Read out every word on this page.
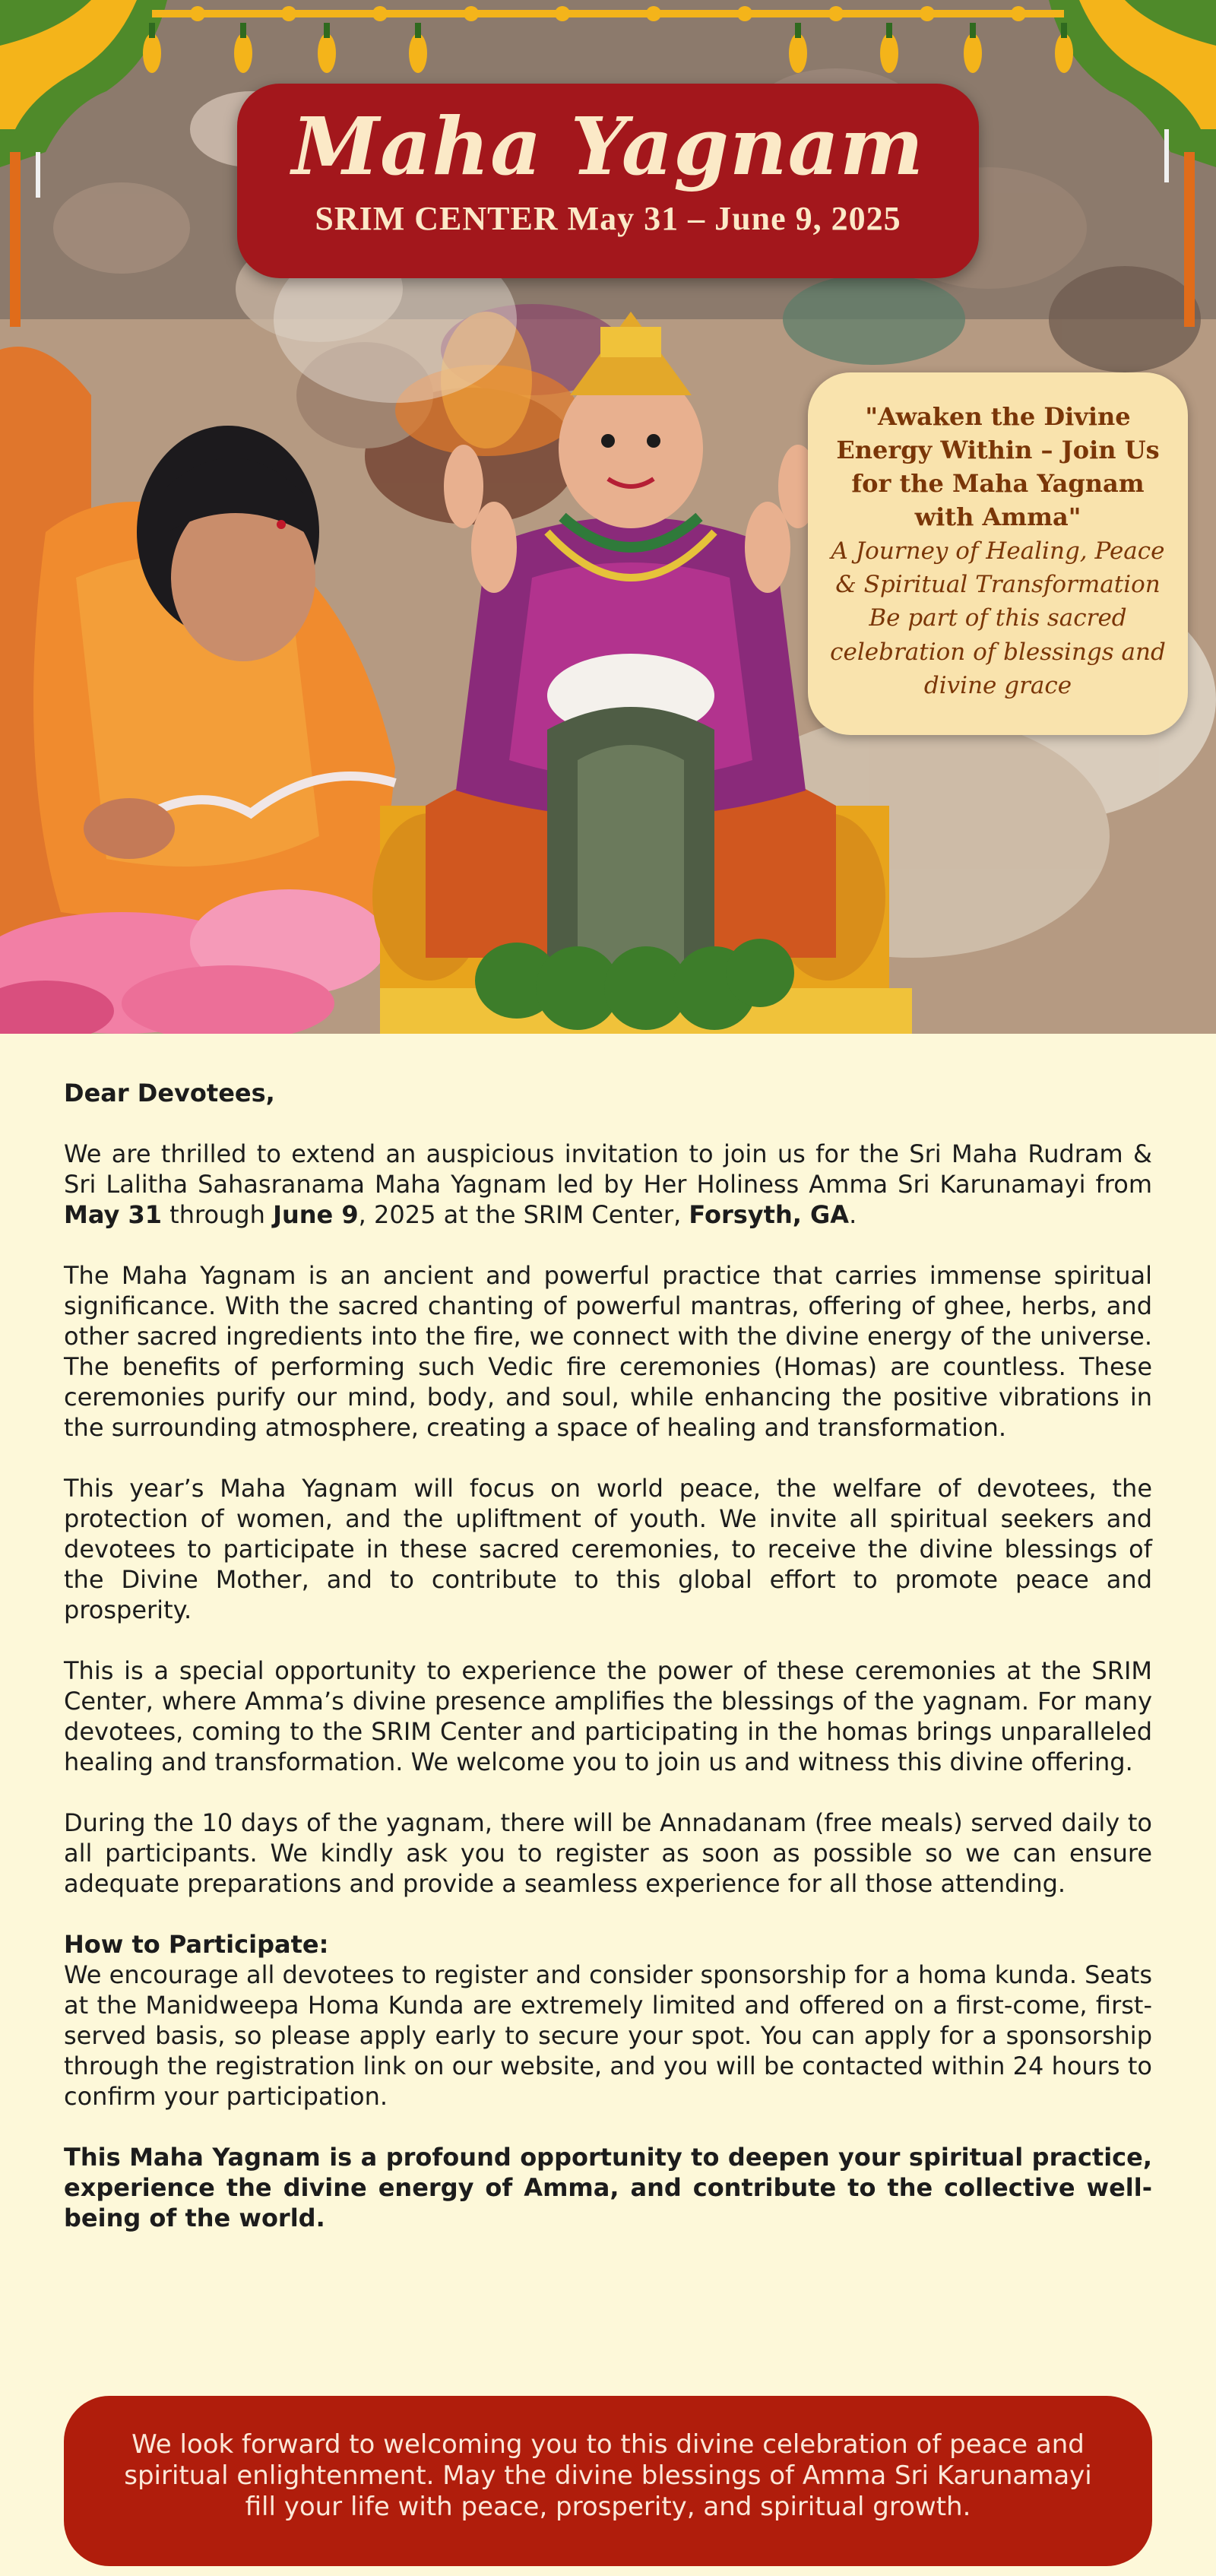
Maha Yagnam
SRIM CENTER May 31 – June 9, 2025
"Awaken the Divine Energy Within – Join Us for the Maha Yagnam with Amma"
A Journey of Healing, Peace & Spiritual Transformation
Be part of this sacred celebration of blessings and divine grace

Dear Devotees,

We are thrilled to extend an auspicious invitation to join us for the Sri Maha Rudram & Sri Lalitha Sahasranama Maha Yagnam led by Her Holiness Amma Sri Karunamayi from May 31 through June 9, 2025 at the SRIM Center, Forsyth, GA.

The Maha Yagnam is an ancient and powerful practice that carries immense spiritual significance. With the sacred chanting of powerful mantras, offering of ghee, herbs, and other sacred ingredients into the fire, we connect with the divine energy of the universe. The benefits of performing such Vedic fire ceremonies (Homas) are countless. These ceremonies purify our mind, body, and soul, while enhancing the positive vibrations in the surrounding atmosphere, creating a space of healing and transformation.

This year’s Maha Yagnam will focus on world peace, the welfare of devotees, the protection of women, and the upliftment of youth. We invite all spiritual seekers and devotees to participate in these sacred ceremonies, to receive the divine blessings of the Divine Mother, and to contribute to this global effort to promote peace and prosperity.

This is a special opportunity to experience the power of these ceremonies at the SRIM Center, where Amma’s divine presence amplifies the blessings of the yagnam. For many devotees, coming to the SRIM Center and participating in the homas brings unparalleled healing and transformation. We welcome you to join us and witness this divine offering.

During the 10 days of the yagnam, there will be Annadanam (free meals) served daily to all participants. We kindly ask you to register as soon as possible so we can ensure adequate preparations and provide a seamless experience for all those attending.

How to Participate:
We encourage all devotees to register and consider sponsorship for a homa kunda. Seats at the Manidweepa Homa Kunda are extremely limited and offered on a first-come, first-served basis, so please apply early to secure your spot. You can apply for a sponsorship through the registration link on our website, and you will be contacted within 24 hours to confirm your participation.

This Maha Yagnam is a profound opportunity to deepen your spiritual practice, experience the divine energy of Amma, and contribute to the collective well-being of the world.

We look forward to welcoming you to this divine celebration of peace and spiritual enlightenment. May the divine blessings of Amma Sri Karunamayi fill your life with peace, prosperity, and spiritual growth.
